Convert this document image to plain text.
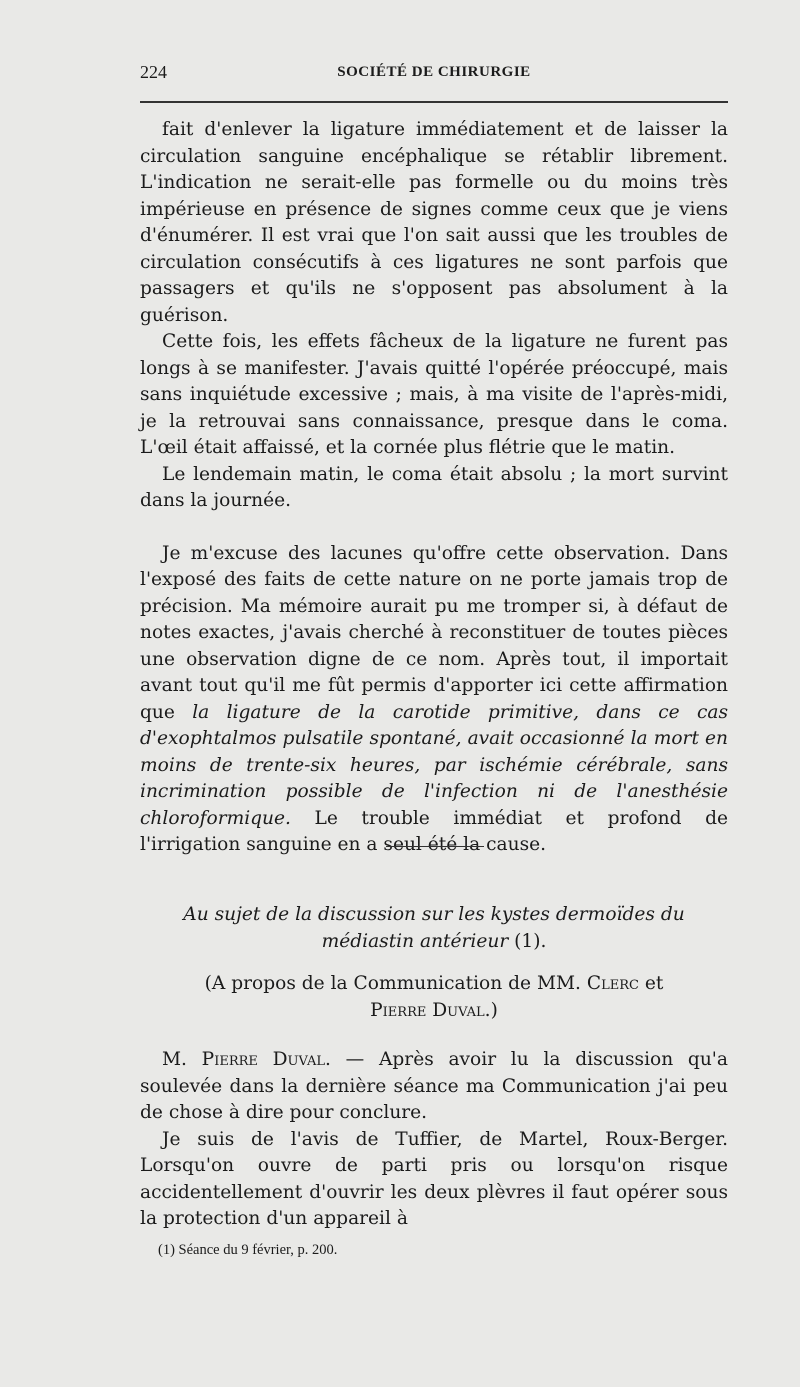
224	SOCIÉTÉ DE CHIRURGIE

fait d'enlever la ligature immédiatement et de laisser la circulation sanguine encéphalique se rétablir librement. L'indication ne serait-elle pas formelle ou du moins très impérieuse en présence de signes comme ceux que je viens d'énumérer. Il est vrai que l'on sait aussi que les troubles de circulation consécutifs à ces ligatures ne sont parfois que passagers et qu'ils ne s'opposent pas absolument à la guérison.

Cette fois, les effets fâcheux de la ligature ne furent pas longs à se manifester. J'avais quitté l'opérée préoccupé, mais sans inquiétude excessive ; mais, à ma visite de l'après-midi, je la retrouvai sans connaissance, presque dans le coma. L'œil était affaissé, et la cornée plus flétrie que le matin.

Le lendemain matin, le coma était absolu ; la mort survint dans la journée.

Je m'excuse des lacunes qu'offre cette observation. Dans l'exposé des faits de cette nature on ne porte jamais trop de précision. Ma mémoire aurait pu me tromper si, à défaut de notes exactes, j'avais cherché à reconstituer de toutes pièces une observation digne de ce nom. Après tout, il importait avant tout qu'il me fût permis d'apporter ici cette affirmation que la ligature de la carotide primitive, dans ce cas d'exophtalmos pulsatile spontané, avait occasionné la mort en moins de trente-six heures, par ischémie cérébrale, sans incrimination possible de l'infection ni de l'anesthésie chloroformique. Le trouble immédiat et profond de l'irrigation sanguine en a seul été la cause.

Au sujet de la discussion sur les kystes dermoïdes du
médiastin antérieur (1).
(A propos de la Communication de MM. Clerc et
Pierre Duval.)

M. Pierre Duval. — Après avoir lu la discussion qu'a soulevée dans la dernière séance ma Communication j'ai peu de chose à dire pour conclure.

Je suis de l'avis de Tuffier, de Martel, Roux-Berger. Lorsqu'on ouvre de parti pris ou lorsqu'on risque accidentellement d'ouvrir les deux plèvres il faut opérer sous la protection d'un appareil à

(1) Séance du 9 février, p. 200.
